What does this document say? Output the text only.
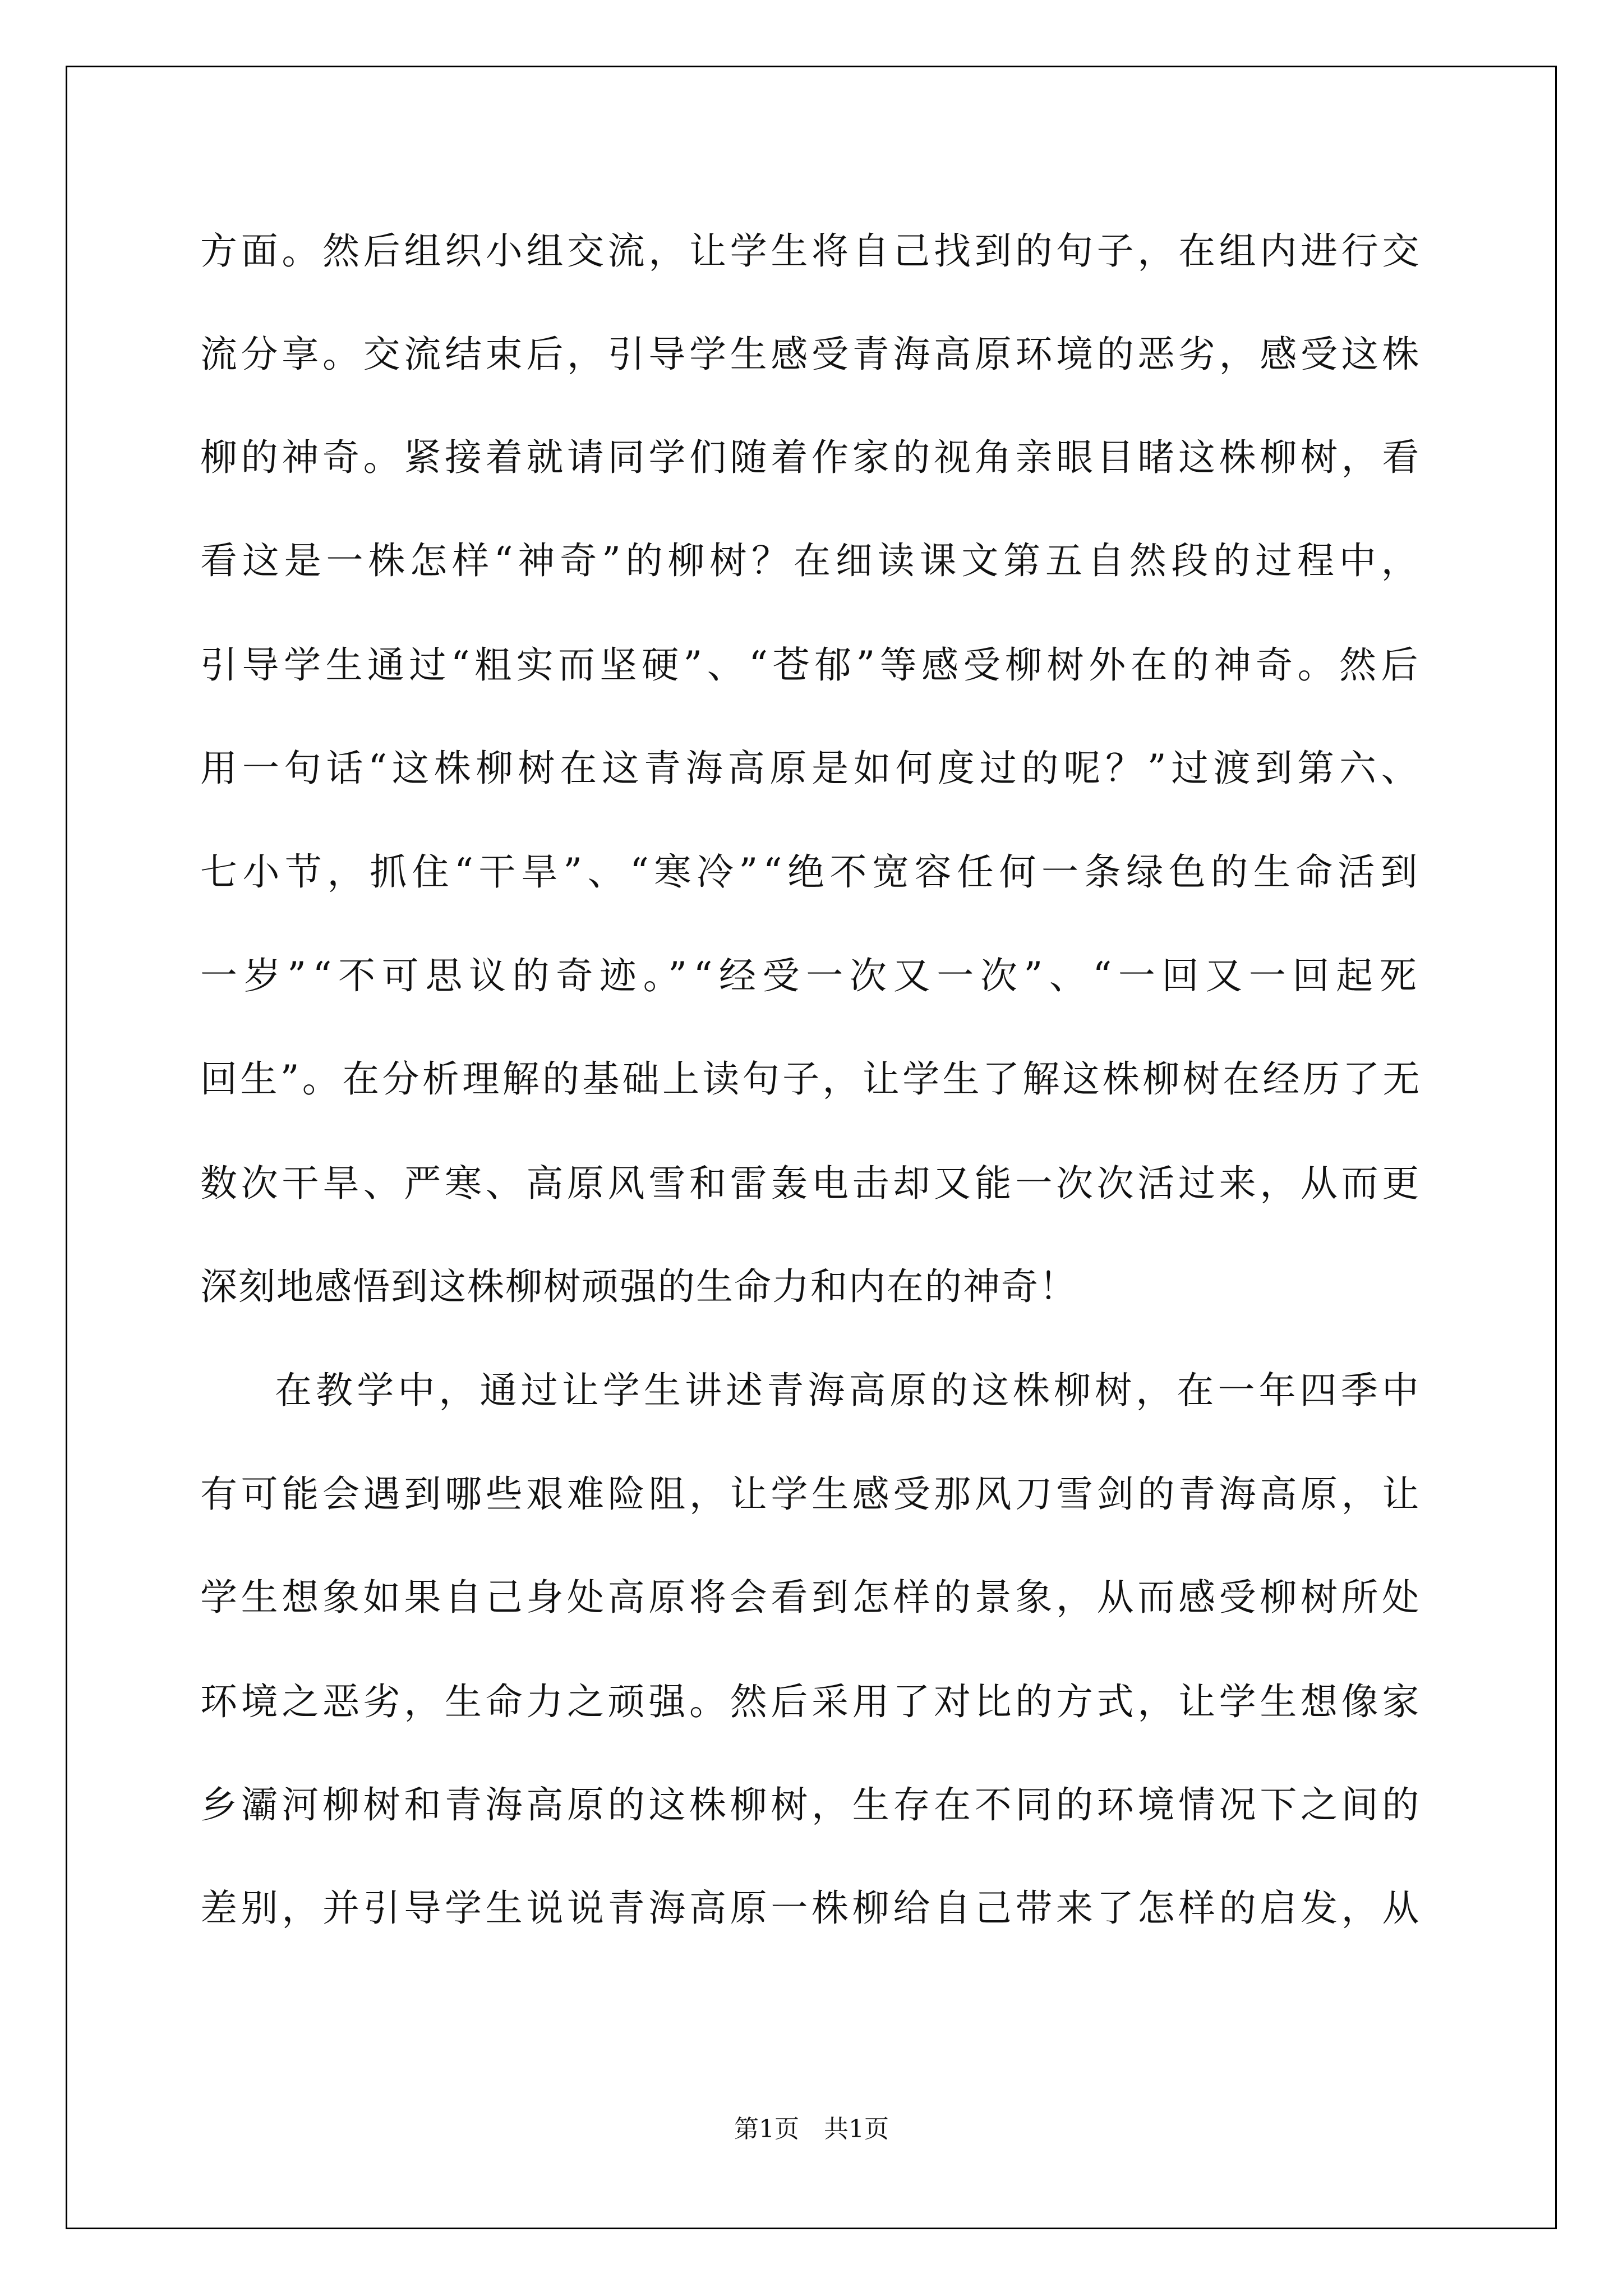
方面。然后组织小组交流，让学生将自己找到的句子，在组内进行交
流分享。交流结束后，引导学生感受青海高原环境的恶劣，感受这株
柳的神奇。紧接着就请同学们随着作家的视角亲眼目睹这株柳树，看
看这是一株怎样“神奇”的柳树？在细读课文第五自然段的过程中，
引导学生通过“粗实而坚硬”、“苍郁”等感受柳树外在的神奇。然后
用一句话“这株柳树在这青海高原是如何度过的呢？”过渡到第六、
七小节，抓住“干旱”、“寒冷”“绝不宽容任何一条绿色的生命活到
一岁”“不可思议的奇迹。”“经受一次又一次”、“一回又一回起死
回生”。在分析理解的基础上读句子，让学生了解这株柳树在经历了无
数次干旱、严寒、高原风雪和雷轰电击却又能一次次活过来，从而更
深刻地感悟到这株柳树顽强的生命力和内在的神奇！
在教学中，通过让学生讲述青海高原的这株柳树，在一年四季中
有可能会遇到哪些艰难险阻，让学生感受那风刀雪剑的青海高原，让
学生想象如果自己身处高原将会看到怎样的景象，从而感受柳树所处
环境之恶劣，生命力之顽强。然后采用了对比的方式，让学生想像家
乡灞河柳树和青海高原的这株柳树，生存在不同的环境情况下之间的
差别，并引导学生说说青海高原一株柳给自己带来了怎样的启发，从
第1页　共1页
